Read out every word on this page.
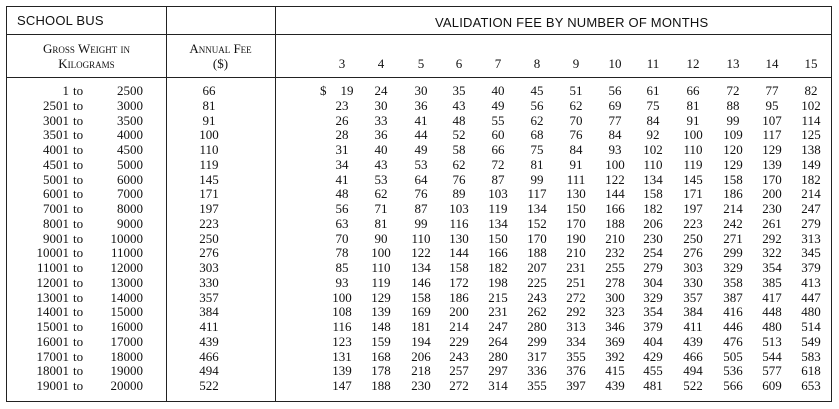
SCHOOL BUS	VALIDATION FEE BY NUMBER OF MONTHS
Gross Weight in
Kilograms
Annual Fee
($)	3	4	5	6	7	8	9	10	11	12	13	14	15
1 to	2500	66	$	19	24	30	35	40	45	51	56	61	66	72	77	82
2501 to	3000	81	23	30	36	43	49	56	62	69	75	81	88	95	102
3001 to	3500	91	26	33	41	48	55	62	70	77	84	91	99	107	114
3501 to	4000	100	28	36	44	52	60	68	76	84	92	100	109	117	125
4001 to	4500	110	31	40	49	58	66	75	84	93	102	110	120	129	138
4501 to	5000	119	34	43	53	62	72	81	91	100	110	119	129	139	149
5001 to	6000	145	41	53	64	76	87	99	111	122	134	145	158	170	182
6001 to	7000	171	48	62	76	89	103	117	130	144	158	171	186	200	214
7001 to	8000	197	56	71	87	103	119	134	150	166	182	197	214	230	247
8001 to	9000	223	63	81	99	116	134	152	170	188	206	223	242	261	279
9001 to	10000	250	70	90	110	130	150	170	190	210	230	250	271	292	313
10001 to	11000	276	78	100	122	144	166	188	210	232	254	276	299	322	345
11001 to	12000	303	85	110	134	158	182	207	231	255	279	303	329	354	379
12001 to	13000	330	93	119	146	172	198	225	251	278	304	330	358	385	413
13001 to	14000	357	100	129	158	186	215	243	272	300	329	357	387	417	447
14001 to	15000	384	108	139	169	200	231	262	292	323	354	384	416	448	480
15001 to	16000	411	116	148	181	214	247	280	313	346	379	411	446	480	514
16001 to	17000	439	123	159	194	229	264	299	334	369	404	439	476	513	549
17001 to	18000	466	131	168	206	243	280	317	355	392	429	466	505	544	583
18001 to	19000	494	139	178	218	257	297	336	376	415	455	494	536	577	618
19001 to	20000	522	147	188	230	272	314	355	397	439	481	522	566	609	653
